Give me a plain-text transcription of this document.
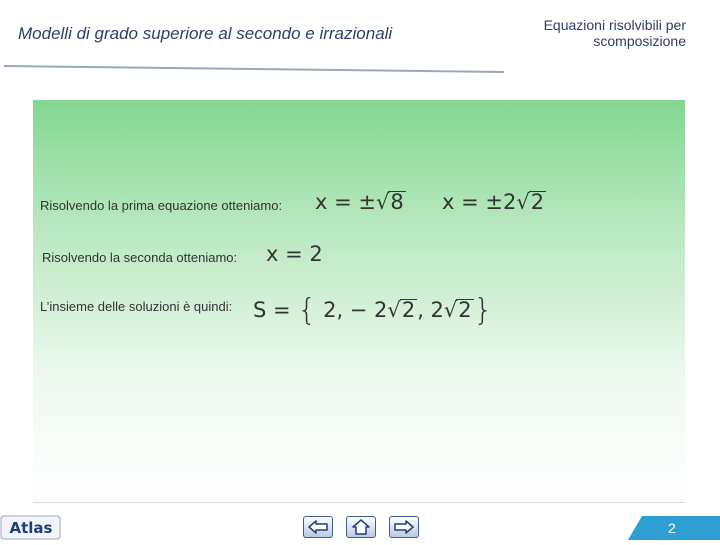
Modelli di grado superiore al secondo e irrazionali	Equazioni risolvibili per
scomposizione
Risolvendo la prima equazione otteniamo: x = ±√8 x = ±2√2
Risolvendo la seconda otteniamo: x = 2
L’insieme delle soluzioni è quindi: S = { 2, − 2√2, 2√2}
Atlas	2
